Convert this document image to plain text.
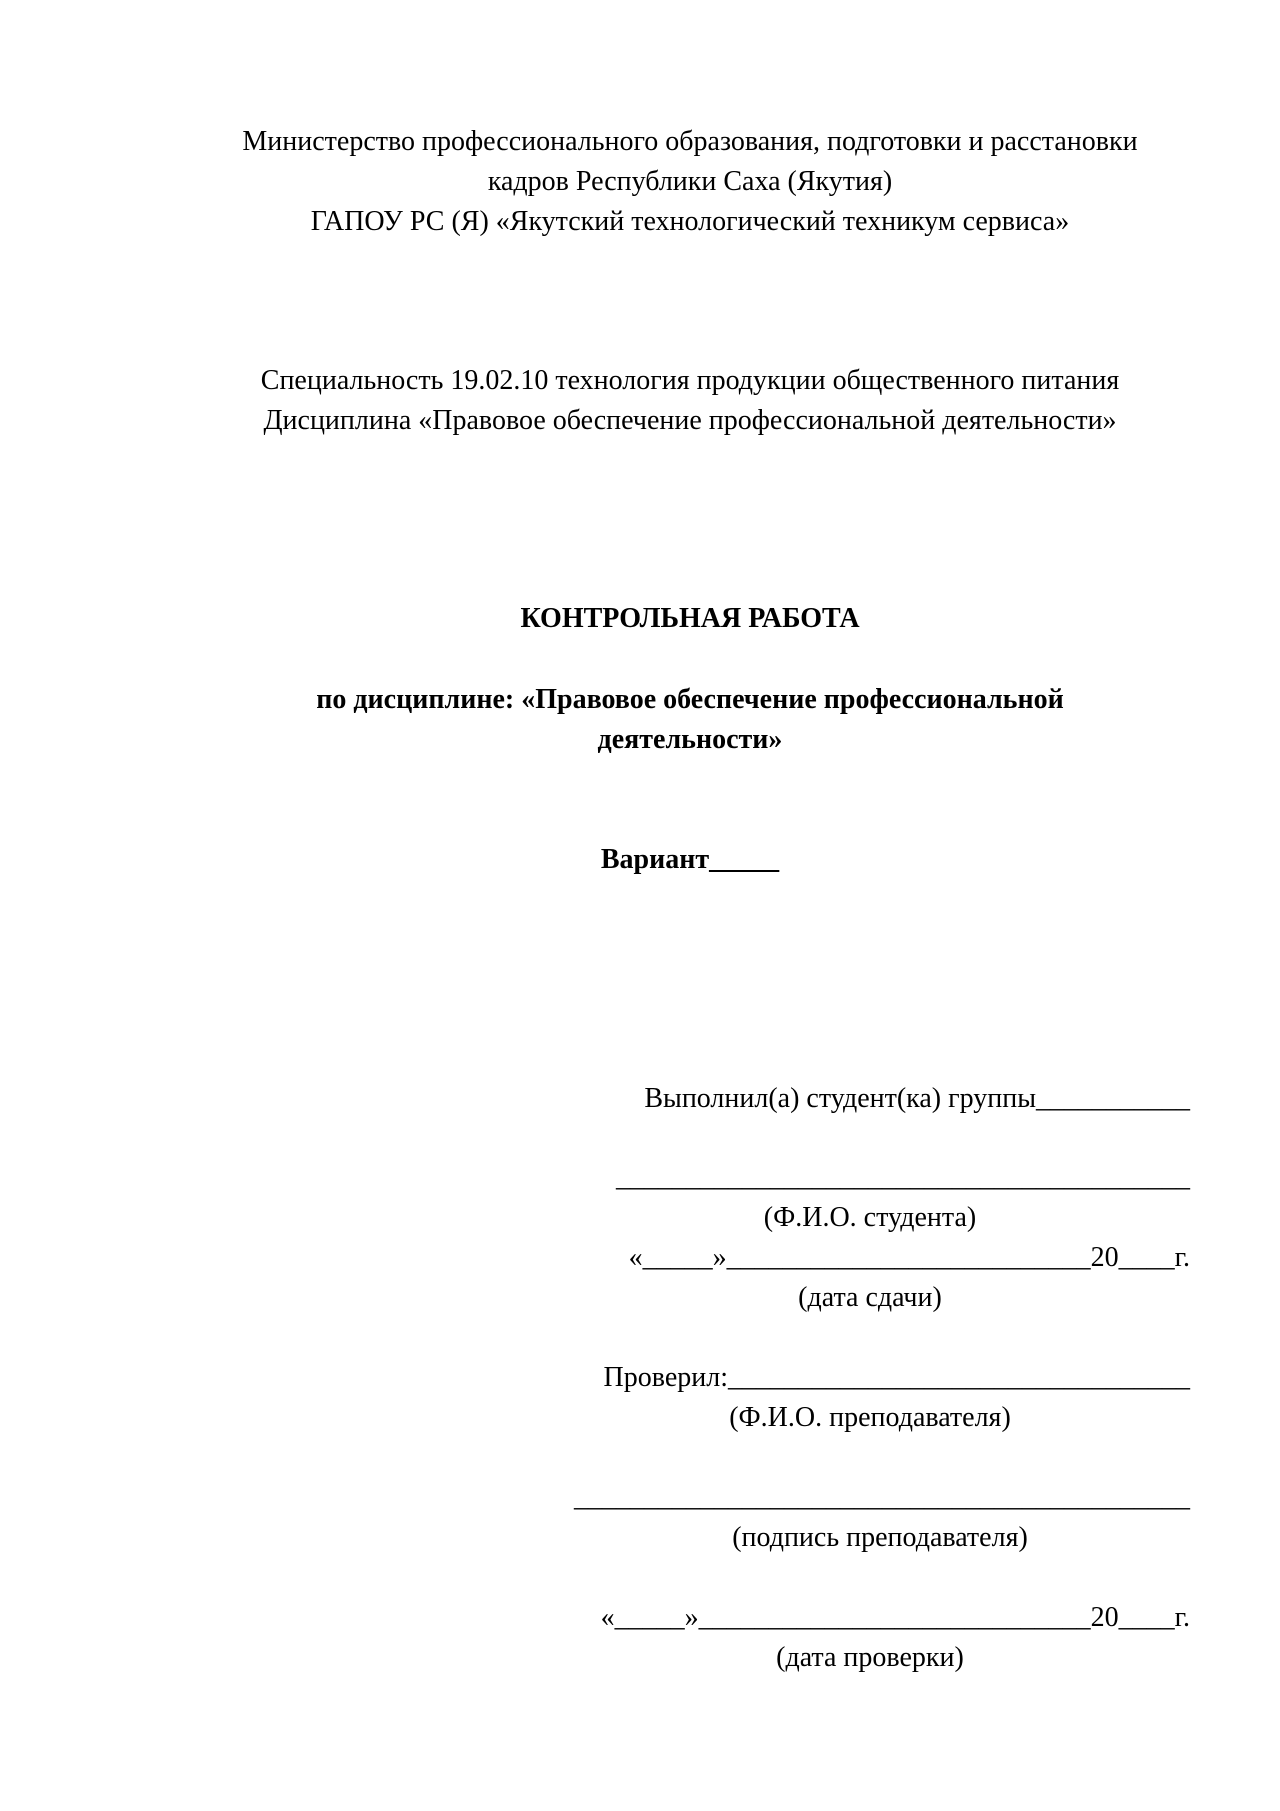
Министерство профессионального образования, подготовки и расстановки
кадров Республики Саха (Якутия)
ГАПОУ РС (Я) «Якутский технологический техникум сервиса»
Специальность 19.02.10 технология продукции общественного питания
Дисциплина «Правовое обеспечение профессиональной деятельности»
КОНТРОЛЬНАЯ РАБОТА
по дисциплине: «Правовое обеспечение профессиональной
деятельности»
Вариант_____
Выполнил(а) студент(ка) группы___________
_________________________________________
(Ф.И.О. студента)
«_____»__________________________20____г.
(дата сдачи)
Проверил:_________________________________
(Ф.И.О. преподавателя)
____________________________________________
(подпись преподавателя)
«_____»____________________________20____г.
(дата проверки)
